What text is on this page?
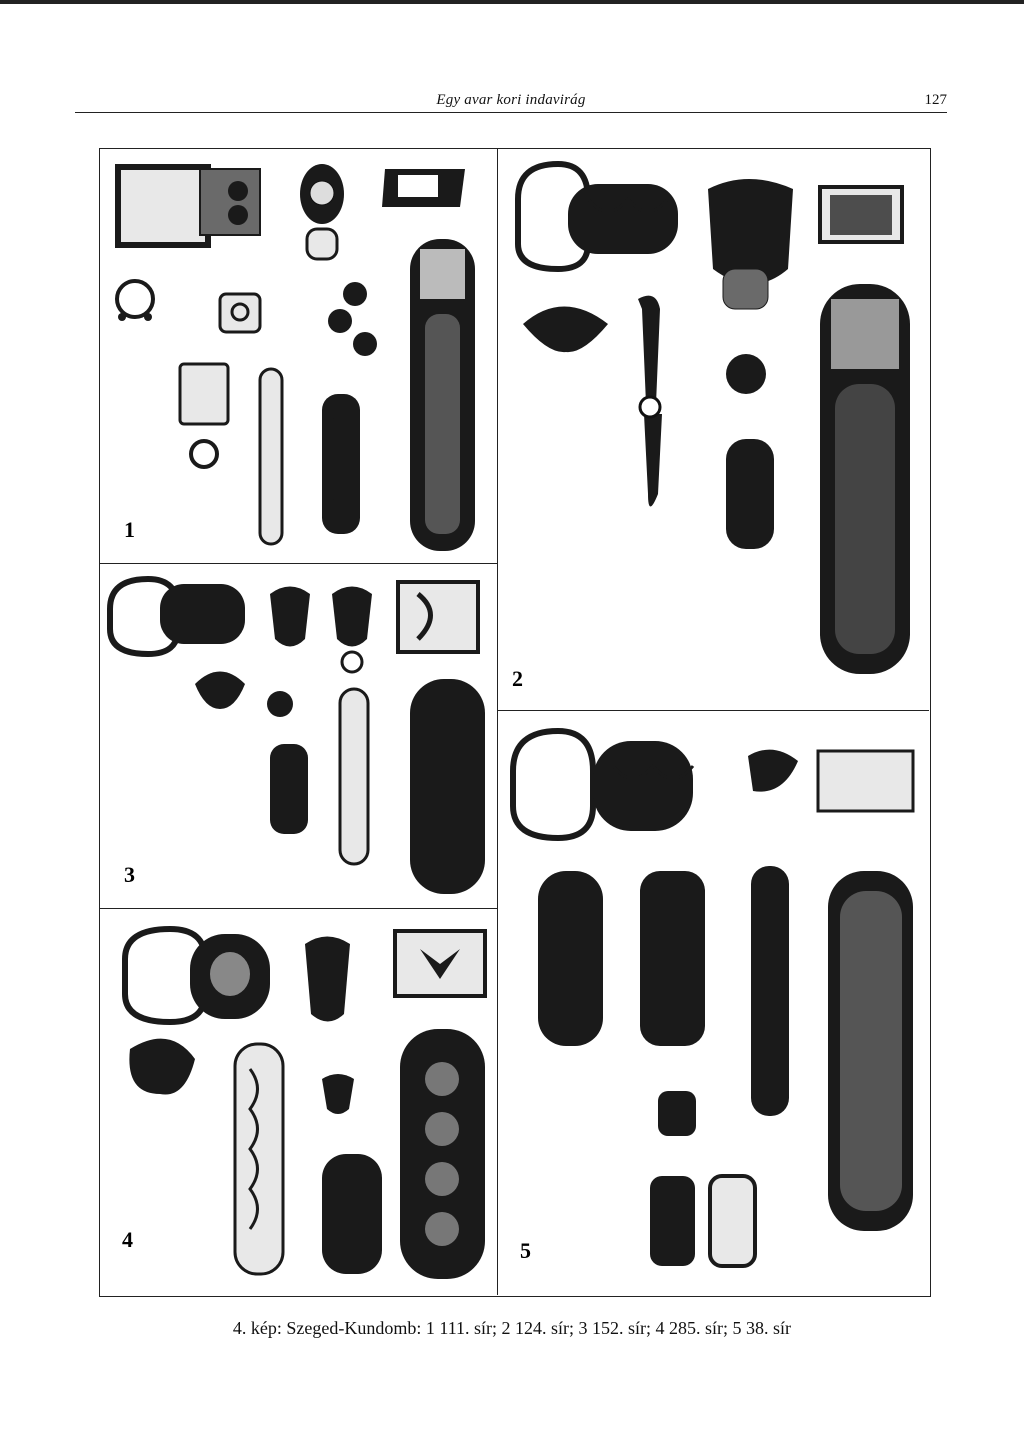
Egy avar kori indavirág	127
1
2
3
4	5
4. kép: Szeged-Kundomb: 1 111. sír; 2 124. sír; 3 152. sír; 4 285. sír; 5 38. sír
